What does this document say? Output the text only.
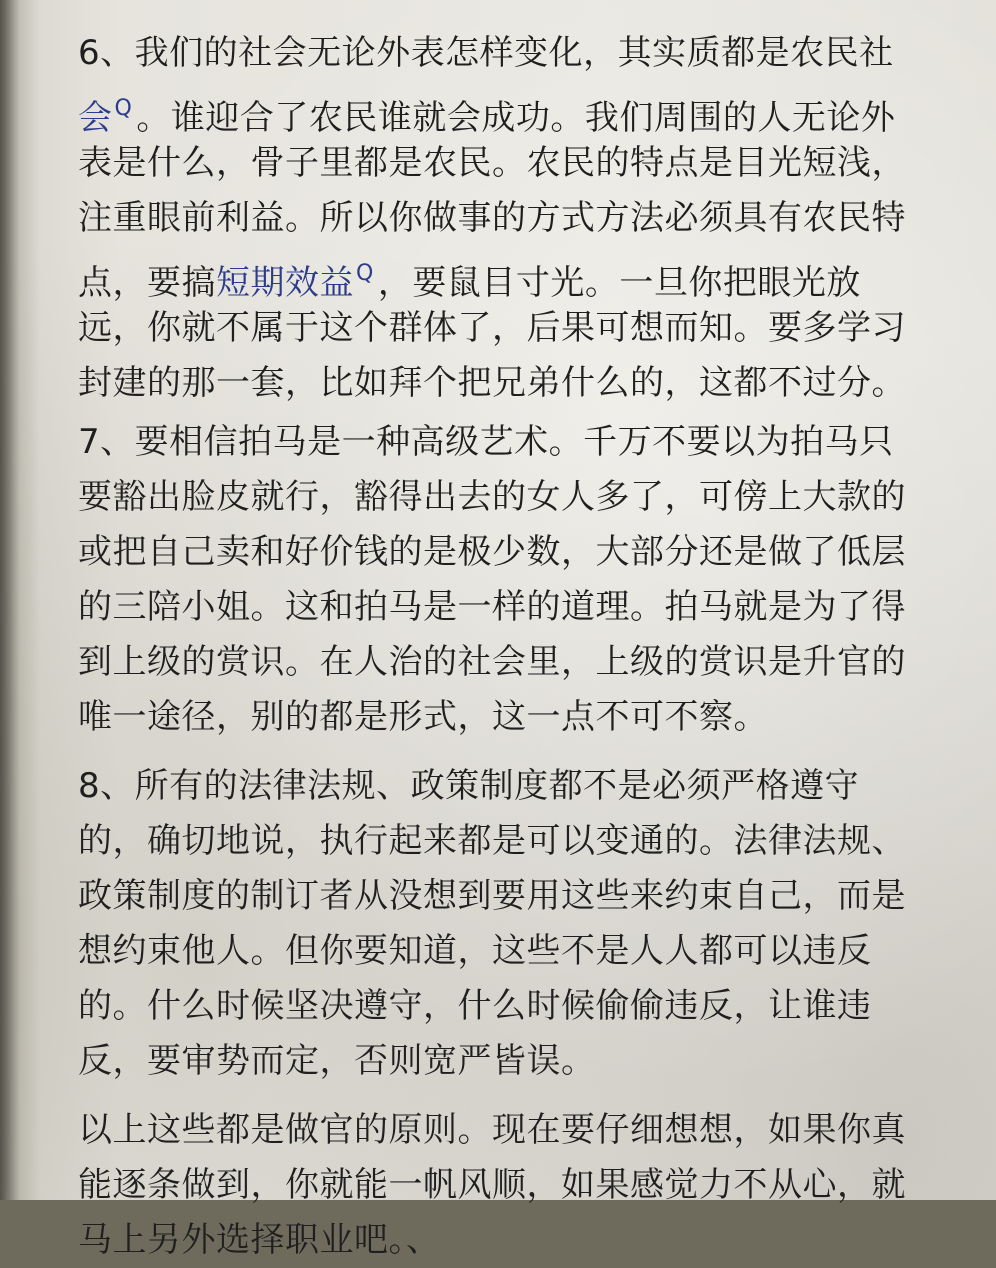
6、我们的社会无论外表怎样变化，其实质都是农民社
会$^Q$ 。谁迎合了农民谁就会成功。我们周围的人无论外
表是什么，骨子里都是农民。农民的特点是目光短浅，
注重眼前利益。所以你做事的方式方法必须具有农民特
点，要搞短期效益$^Q$ ，要鼠目寸光。一旦你把眼光放
远，你就不属于这个群体了，后果可想而知。要多学习
封建的那一套，比如拜个把兄弟什么的，这都不过分。
7、要相信拍马是一种高级艺术。千万不要以为拍马只
要豁出脸皮就行，豁得出去的女人多了，可傍上大款的
或把自己卖和好价钱的是极少数，大部分还是做了低层
的三陪小姐。这和拍马是一样的道理。拍马就是为了得
到上级的赏识。在人治的社会里，上级的赏识是升官的
唯一途径，别的都是形式，这一点不可不察。
8、所有的法律法规、政策制度都不是必须严格遵守
的，确切地说，执行起来都是可以变通的。法律法规、
政策制度的制订者从没想到要用这些来约束自己，而是
想约束他人。但你要知道，这些不是人人都可以违反
的。什么时候坚决遵守，什么时候偷偷违反，让谁违
反，要审势而定，否则宽严皆误。
以上这些都是做官的原则。现在要仔细想想，如果你真
能逐条做到，你就能一帆风顺，如果感觉力不从心，就
马上另外选择职业吧。、
